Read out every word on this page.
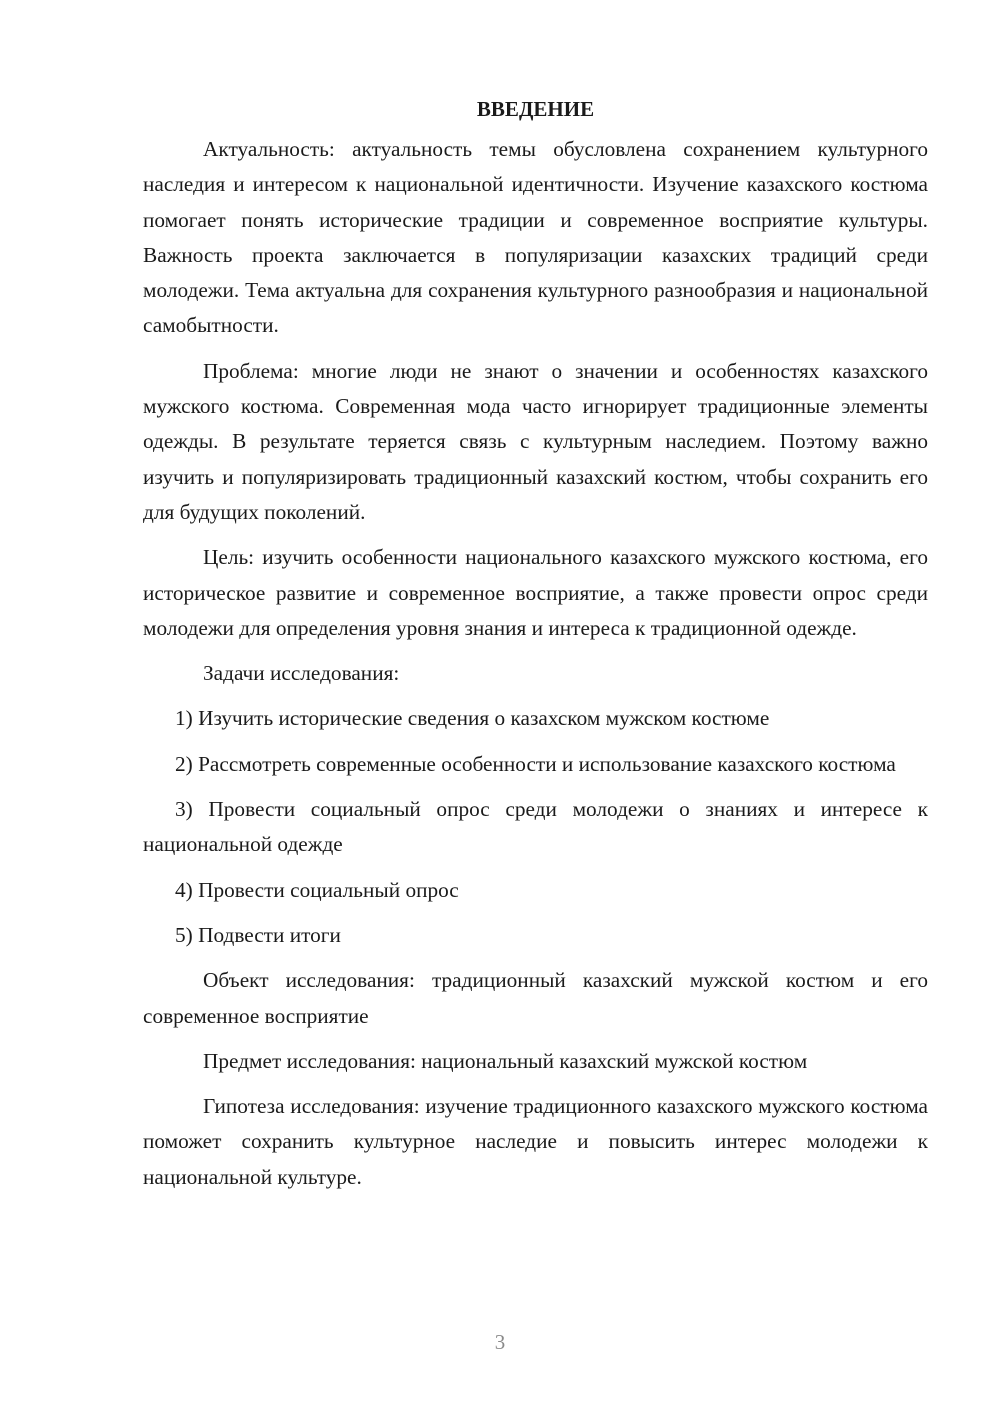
ВВЕДЕНИЕ

Актуальность: актуальность темы обусловлена сохранением культурного наследия и интересом к национальной идентичности. Изучение казахского костюма помогает понять исторические традиции и современное восприятие культуры. Важность проекта заключается в популяризации казахских традиций среди молодежи. Тема актуальна для сохранения культурного разнообразия и национальной самобытности.

Проблема: многие люди не знают о значении и особенностях казахского мужского костюма. Современная мода часто игнорирует традиционные элементы одежды. В результате теряется связь с культурным наследием. Поэтому важно изучить и популяризировать традиционный казахский костюм, чтобы сохранить его для будущих поколений.

Цель: изучить особенности национального казахского мужского костюма, его историческое развитие и современное восприятие, а также провести опрос среди молодежи для определения уровня знания и интереса к традиционной одежде.

Задачи исследования:

1) Изучить исторические сведения о казахском мужском костюме

2) Рассмотреть современные особенности и использование казахского костюма

3) Провести социальный опрос среди молодежи о знаниях и интересе к национальной одежде

4) Провести социальный опрос

5) Подвести итоги

Объект исследования: традиционный казахский мужской костюм и его современное восприятие

Предмет исследования: национальный казахский мужской костюм

Гипотеза исследования: изучение традиционного казахского мужского костюма поможет сохранить культурное наследие и повысить интерес молодежи к национальной культуре.

3
